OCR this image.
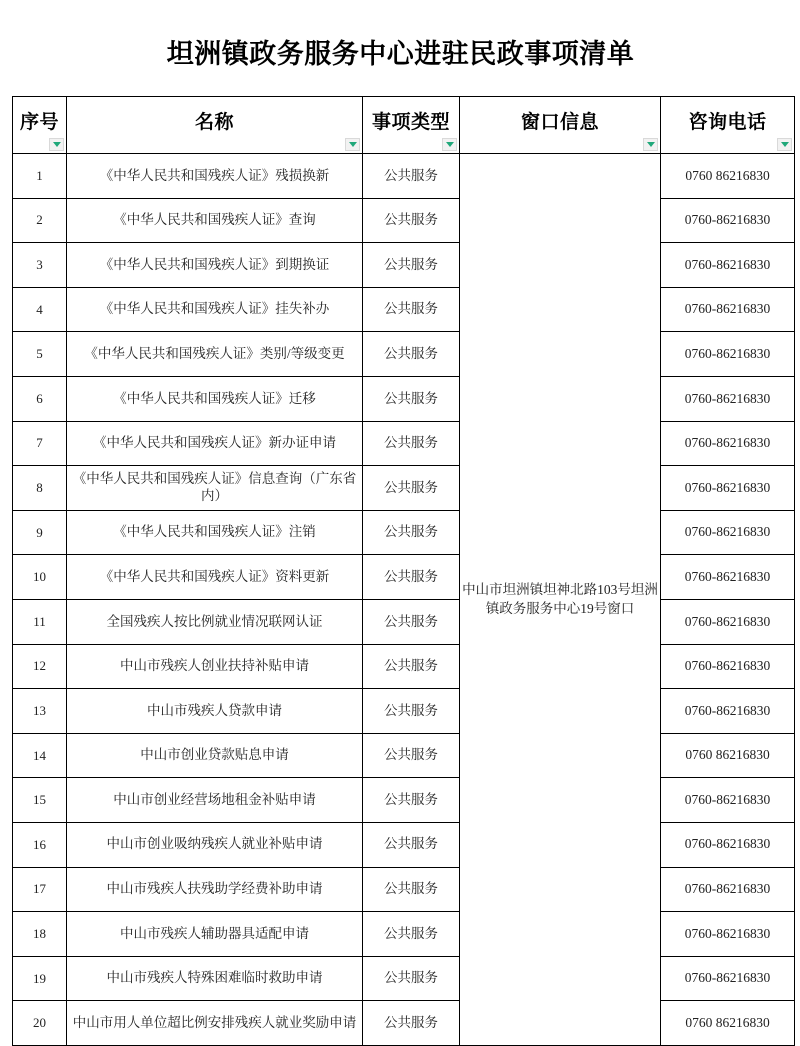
坦洲镇政务服务中心进驻民政事项清单
序号	名称	事项类型	窗口信息	咨询电话

1	《中华人民共和国残疾人证》残损换新	公共服务	中山市坦洲镇坦神北路103号坦洲镇政务服务中心19号窗口	0760 86216830
2	《中华人民共和国残疾人证》查询	公共服务		0760-86216830
3	《中华人民共和国残疾人证》到期换证	公共服务		0760-86216830
4	《中华人民共和国残疾人证》挂失补办	公共服务		0760-86216830
5	《中华人民共和国残疾人证》类别/等级变更	公共服务		0760-86216830
6	《中华人民共和国残疾人证》迁移	公共服务		0760-86216830
7	《中华人民共和国残疾人证》新办证申请	公共服务		0760-86216830
8	《中华人民共和国残疾人证》信息查询（广东省内）	公共服务		0760-86216830
9	《中华人民共和国残疾人证》注销	公共服务		0760-86216830
10	《中华人民共和国残疾人证》资料更新	公共服务		0760-86216830
11	全国残疾人按比例就业情况联网认证	公共服务		0760-86216830
12	中山市残疾人创业扶持补贴申请	公共服务		0760-86216830
13	中山市残疾人贷款申请	公共服务		0760-86216830
14	中山市创业贷款贴息申请	公共服务		0760 86216830
15	中山市创业经营场地租金补贴申请	公共服务		0760-86216830
16	中山市创业吸纳残疾人就业补贴申请	公共服务		0760-86216830
17	中山市残疾人扶残助学经费补助申请	公共服务		0760-86216830
18	中山市残疾人辅助器具适配申请	公共服务		0760-86216830
19	中山市残疾人特殊困难临时救助申请	公共服务		0760-86216830
20	中山市用人单位超比例安排残疾人就业奖励申请	公共服务		0760 86216830
